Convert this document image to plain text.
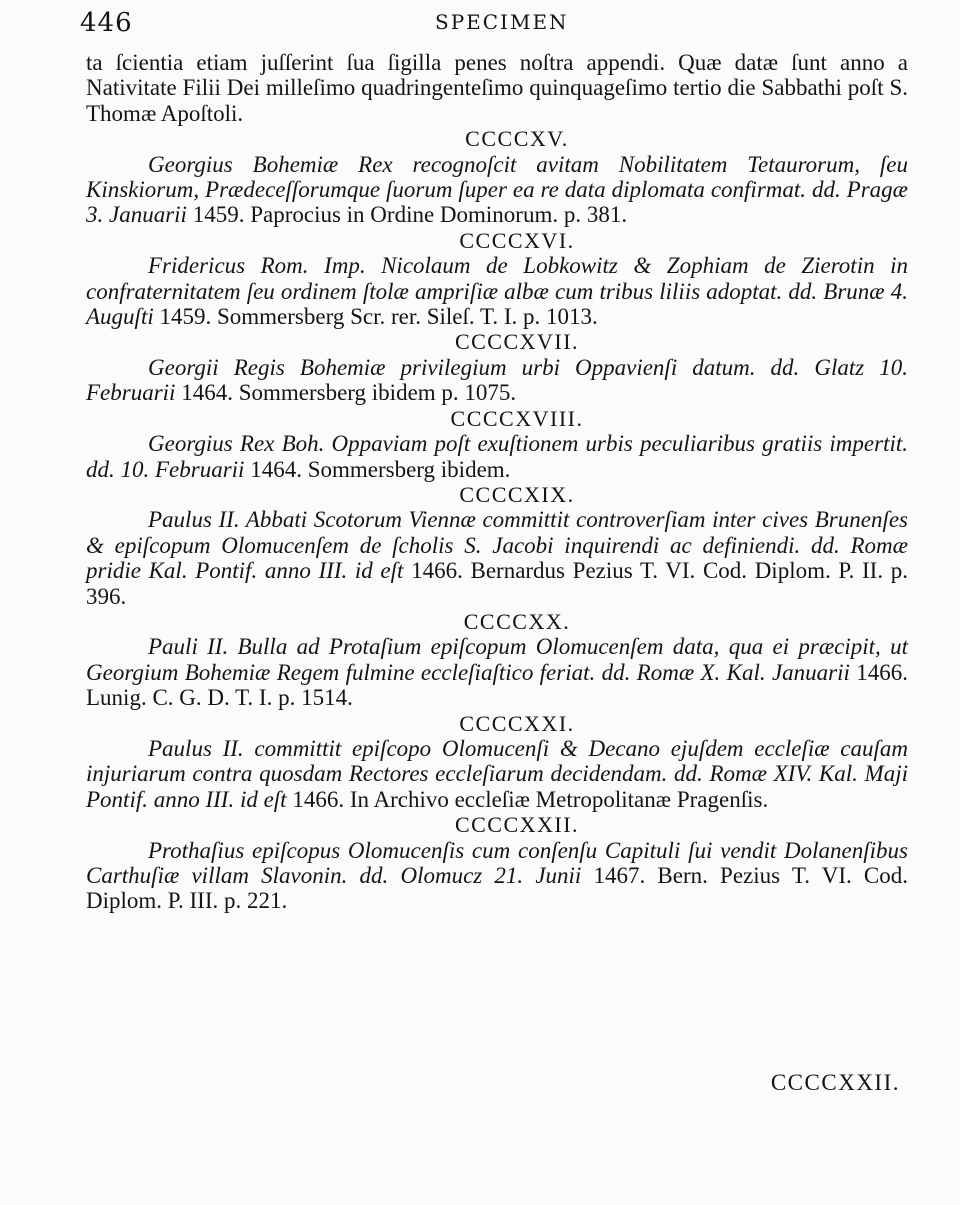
446	SPECIMEN

ta ſcientia etiam juſſerint ſua ſigilla penes noſtra appendi. Quæ datæ ſunt anno a Nativitate Filii Dei milleſimo quadringenteſimo quinquageſimo tertio die Sabbathi poſt S. Thomæ Apoſtoli.

CCCCXV.

Georgius Bohemiæ Rex recognoſcit avitam Nobilitatem Tetaurorum, ſeu Kinskiorum, Prædeceſſorumque ſuorum ſuper ea re data diplomata confirmat. dd. Pragæ 3. Januarii 1459. Paprocius in Ordine Dominorum. p. 381.

CCCCXVI.

Fridericus Rom. Imp. Nicolaum de Lobkowitz & Zophiam de Zierotin in confraternitatem ſeu ordinem ſtolæ ampriſiæ albæ cum tribus liliis adoptat. dd. Brunæ 4. Auguſti 1459. Sommersberg Scr. rer. Sileſ. T. I. p. 1013.

CCCCXVII.

Georgii Regis Bohemiæ privilegium urbi Oppavienſi datum. dd. Glatz 10. Februarii 1464. Sommersberg ibidem p. 1075.

CCCCXVIII.

Georgius Rex Boh. Oppaviam poſt exuſtionem urbis peculiaribus gratiis impertit. dd. 10. Februarii 1464. Sommersberg ibidem.

CCCCXIX.

Paulus II. Abbati Scotorum Viennæ committit controverſiam inter cives Brunenſes & epiſcopum Olomucenſem de ſcholis S. Jacobi inquirendi ac definiendi. dd. Romæ pridie Kal. Pontif. anno III. id eſt 1466. Bernardus Pezius T. VI. Cod. Diplom. P. II. p. 396.

CCCCXX.

Pauli II. Bulla ad Protaſium epiſcopum Olomucenſem data, qua ei præcipit, ut Georgium Bohemiæ Regem fulmine eccleſiaſtico feriat. dd. Romæ X. Kal. Januarii 1466. Lunig. C. G. D. T. I. p. 1514.

CCCCXXI.

Paulus II. committit epiſcopo Olomucenſi & Decano ejuſdem eccleſiæ cauſam injuriarum contra quosdam Rectores eccleſiarum decidendam. dd. Romæ XIV. Kal. Maji Pontif. anno III. id eſt 1466. In Archivo eccleſiæ Metropolitanæ Pragenſis.

CCCCXXII.

Prothaſius epiſcopus Olomucenſis cum conſenſu Capituli ſui vendit Dolanenſibus Carthuſiæ villam Slavonin. dd. Olomucz 21. Junii 1467. Bern. Pezius T. VI. Cod. Diplom. P. III. p. 221.

CCCCXXII.
